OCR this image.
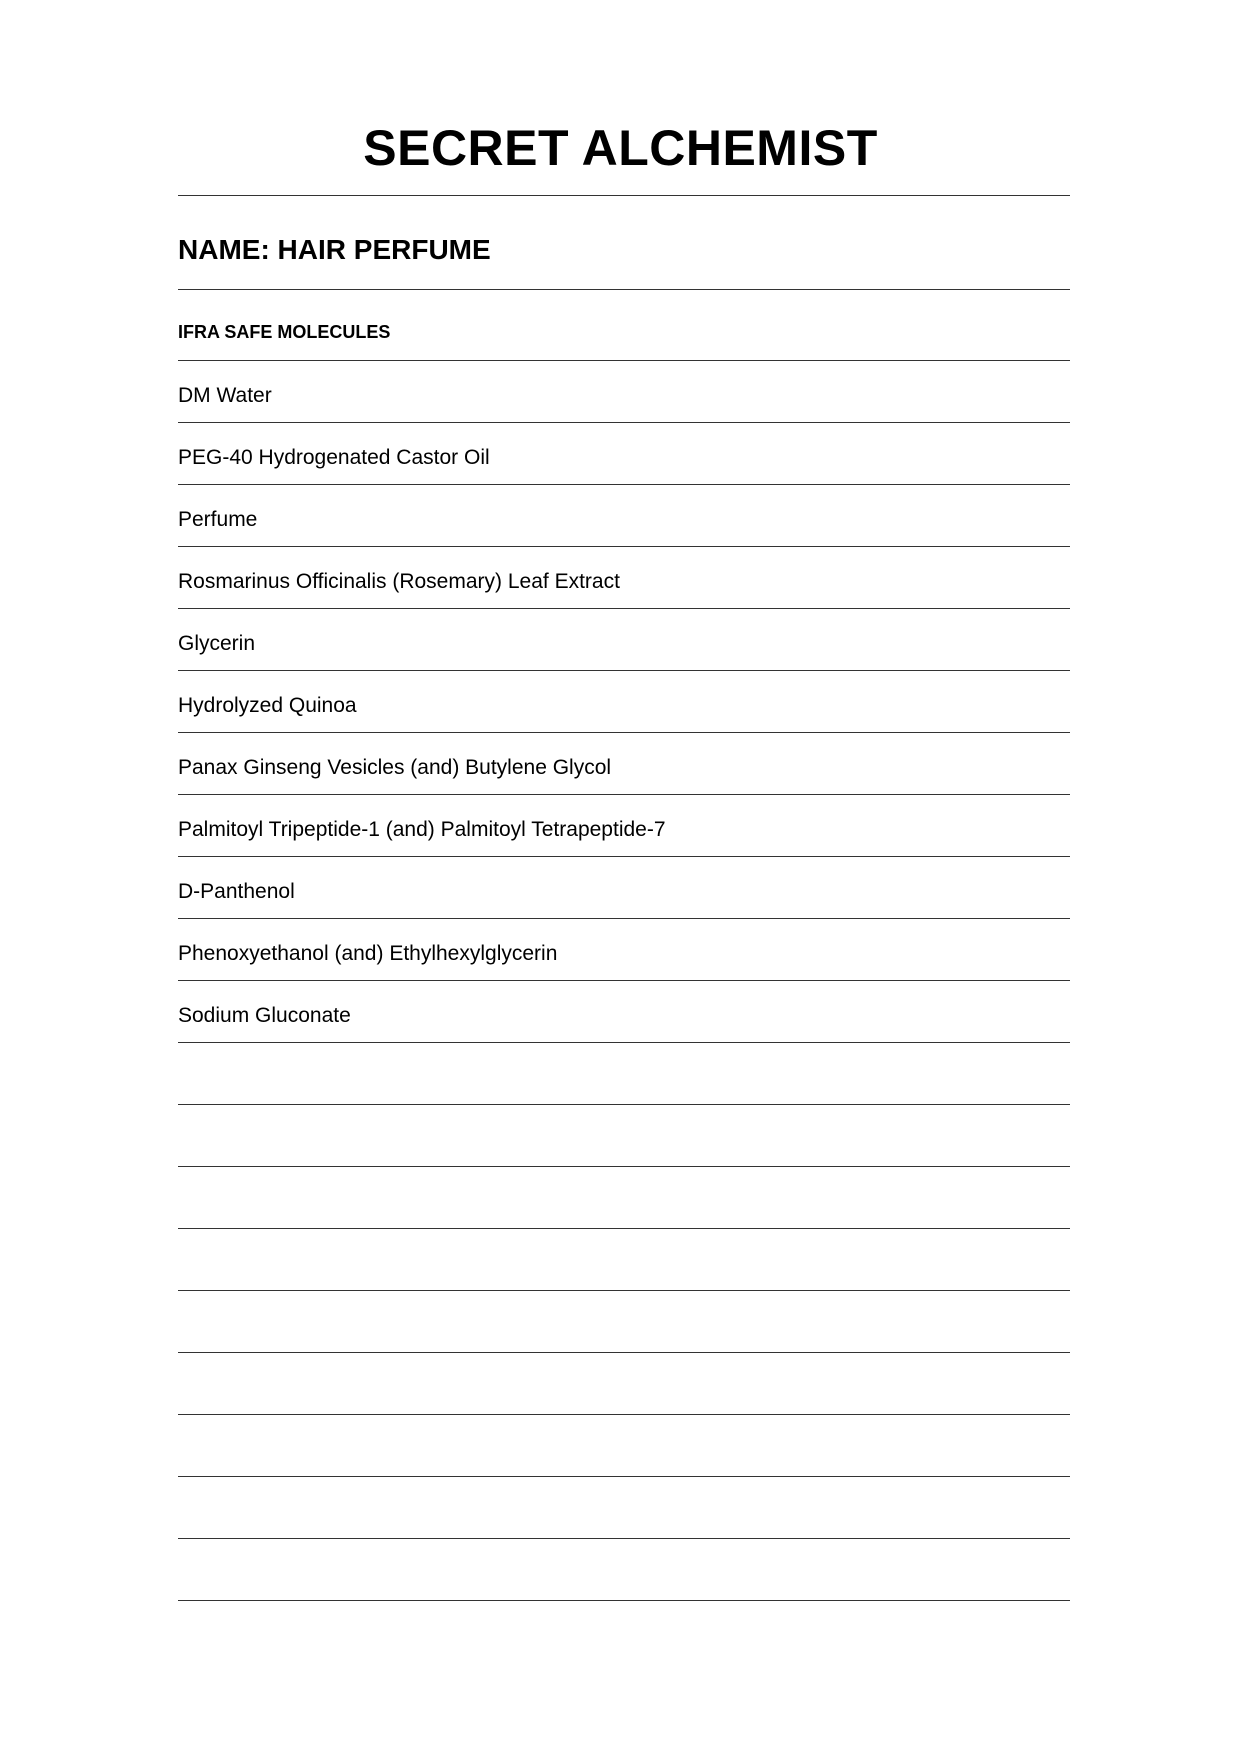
SECRET ALCHEMIST
NAME: HAIR PERFUME
IFRA SAFE MOLECULES
DM Water
PEG-40 Hydrogenated Castor Oil
Perfume
Rosmarinus Officinalis (Rosemary) Leaf Extract
Glycerin
Hydrolyzed Quinoa
Panax Ginseng Vesicles (and) Butylene Glycol
Palmitoyl Tripeptide-1 (and) Palmitoyl Tetrapeptide-7
D-Panthenol
Phenoxyethanol (and) Ethylhexylglycerin
Sodium Gluconate
